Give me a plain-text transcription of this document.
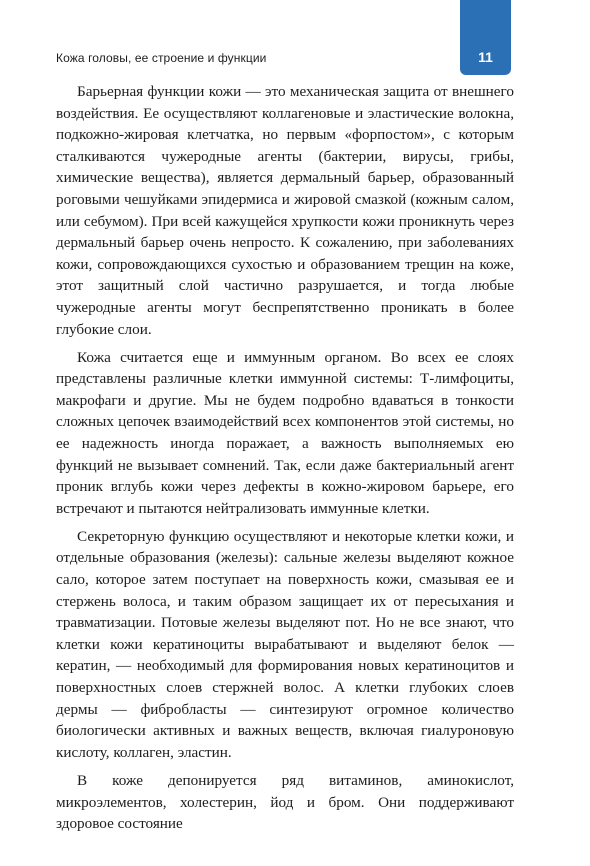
Кожа головы, ее строение и функции	11

Барьерная функции кожи — это механическая защита от внешнего воздействия. Ее осуществляют коллагеновые и эластические волокна, подкожно-жировая клетчатка, но первым «форпостом», с которым сталкиваются чужеродные агенты (бактерии, вирусы, грибы, химические вещества), является дермальный барьер, образованный роговыми чешуйками эпидермиса и жировой смазкой (кожным салом, или себумом). При всей кажущейся хрупкости кожи проникнуть через дермальный барьер очень непросто. К сожалению, при заболеваниях кожи, сопровождающихся сухостью и образованием трещин на коже, этот защитный слой частично разрушается, и тогда любые чужеродные агенты могут беспрепятственно проникать в более глубокие слои.

Кожа считается еще и иммунным органом. Во всех ее слоях представлены различные клетки иммунной системы: Т-лимфоциты, макрофаги и другие. Мы не будем подробно вдаваться в тонкости сложных цепочек взаимодействий всех компонентов этой системы, но ее надежность иногда поражает, а важность выполняемых ею функций не вызывает сомнений. Так, если даже бактериальный агент проник вглубь кожи через дефекты в кожно-жировом барьере, его встречают и пытаются нейтрализовать иммунные клетки.

Секреторную функцию осуществляют и некоторые клетки кожи, и отдельные образования (железы): сальные железы выделяют кожное сало, которое затем поступает на поверхность кожи, смазывая ее и стержень волоса, и таким образом защищает их от пересыхания и травматизации. Потовые железы выделяют пот. Но не все знают, что клетки кожи кератиноциты вырабатывают и выделяют белок — кератин, — необходимый для формирования новых кератиноцитов и поверхностных слоев стержней волос. А клетки глубоких слоев дермы — фибробласты — синтезируют огромное количество биологически активных и важных веществ, включая гиалуроновую кислоту, коллаген, эластин.

В коже депонируется ряд витаминов, аминокислот, микроэлементов, холестерин, йод и бром. Они поддерживают здоровое состояние
